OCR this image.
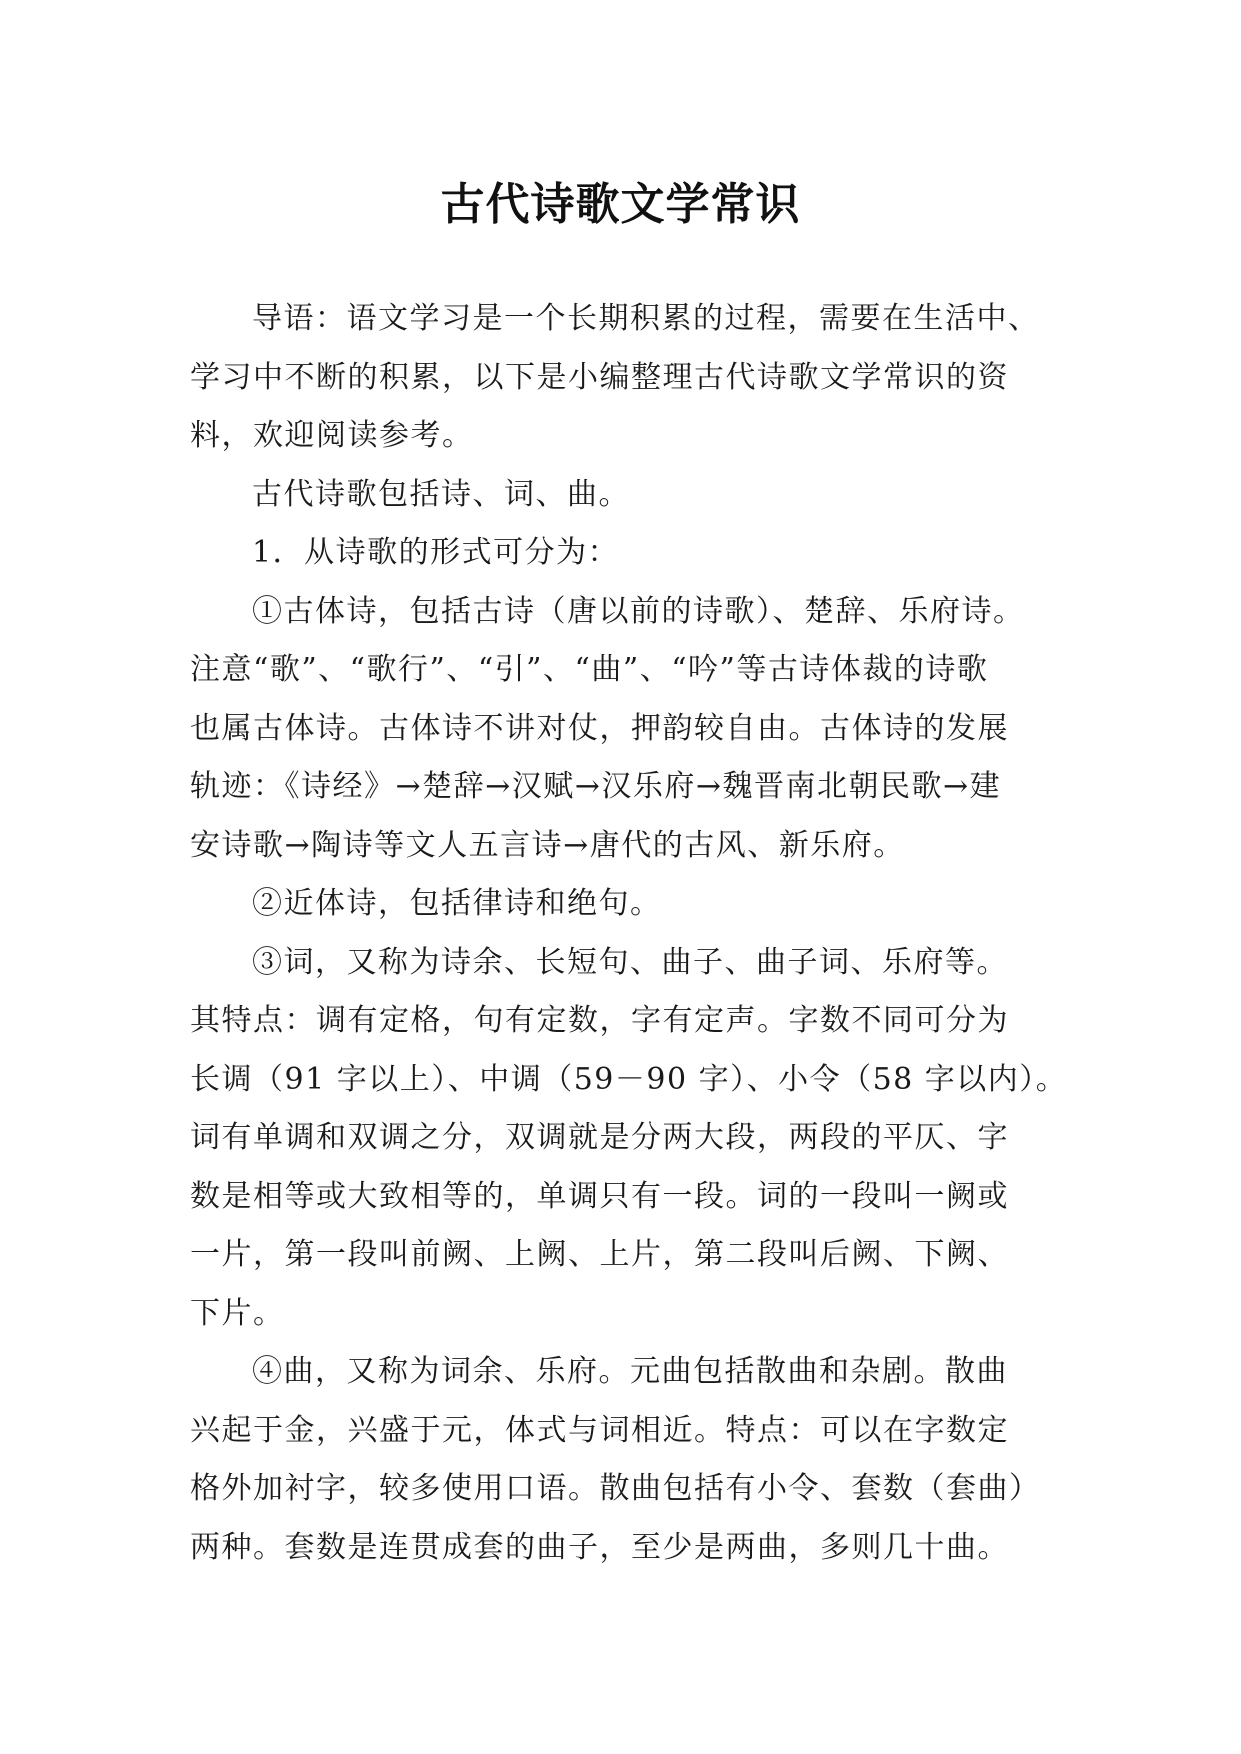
古代诗歌文学常识

导语：语文学习是一个长期积累的过程，需要在生活中、
学习中不断的积累，以下是小编整理古代诗歌文学常识的资
料，欢迎阅读参考。

古代诗歌包括诗、词、曲。

1．从诗歌的形式可分为：

①古体诗，包括古诗（唐以前的诗歌）、楚辞、乐府诗。
注意“歌”、“歌行”、“引”、“曲”、“吟”等古诗体裁的诗歌
也属古体诗。古体诗不讲对仗，押韵较自由。古体诗的发展
轨迹：《诗经》→楚辞→汉赋→汉乐府→魏晋南北朝民歌→建
安诗歌→陶诗等文人五言诗→唐代的古风、新乐府。

②近体诗，包括律诗和绝句。

③词，又称为诗余、长短句、曲子、曲子词、乐府等。
其特点：调有定格，句有定数，字有定声。字数不同可分为
长调（91 字以上）、中调（59－90 字）、小令（58 字以内）。
词有单调和双调之分，双调就是分两大段，两段的平仄、字
数是相等或大致相等的，单调只有一段。词的一段叫一阙或
一片，第一段叫前阙、上阙、上片，第二段叫后阙、下阙、
下片。

④曲，又称为词余、乐府。元曲包括散曲和杂剧。散曲
兴起于金，兴盛于元，体式与词相近。特点：可以在字数定
格外加衬字，较多使用口语。散曲包括有小令、套数（套曲）
两种。套数是连贯成套的曲子，至少是两曲，多则几十曲。
